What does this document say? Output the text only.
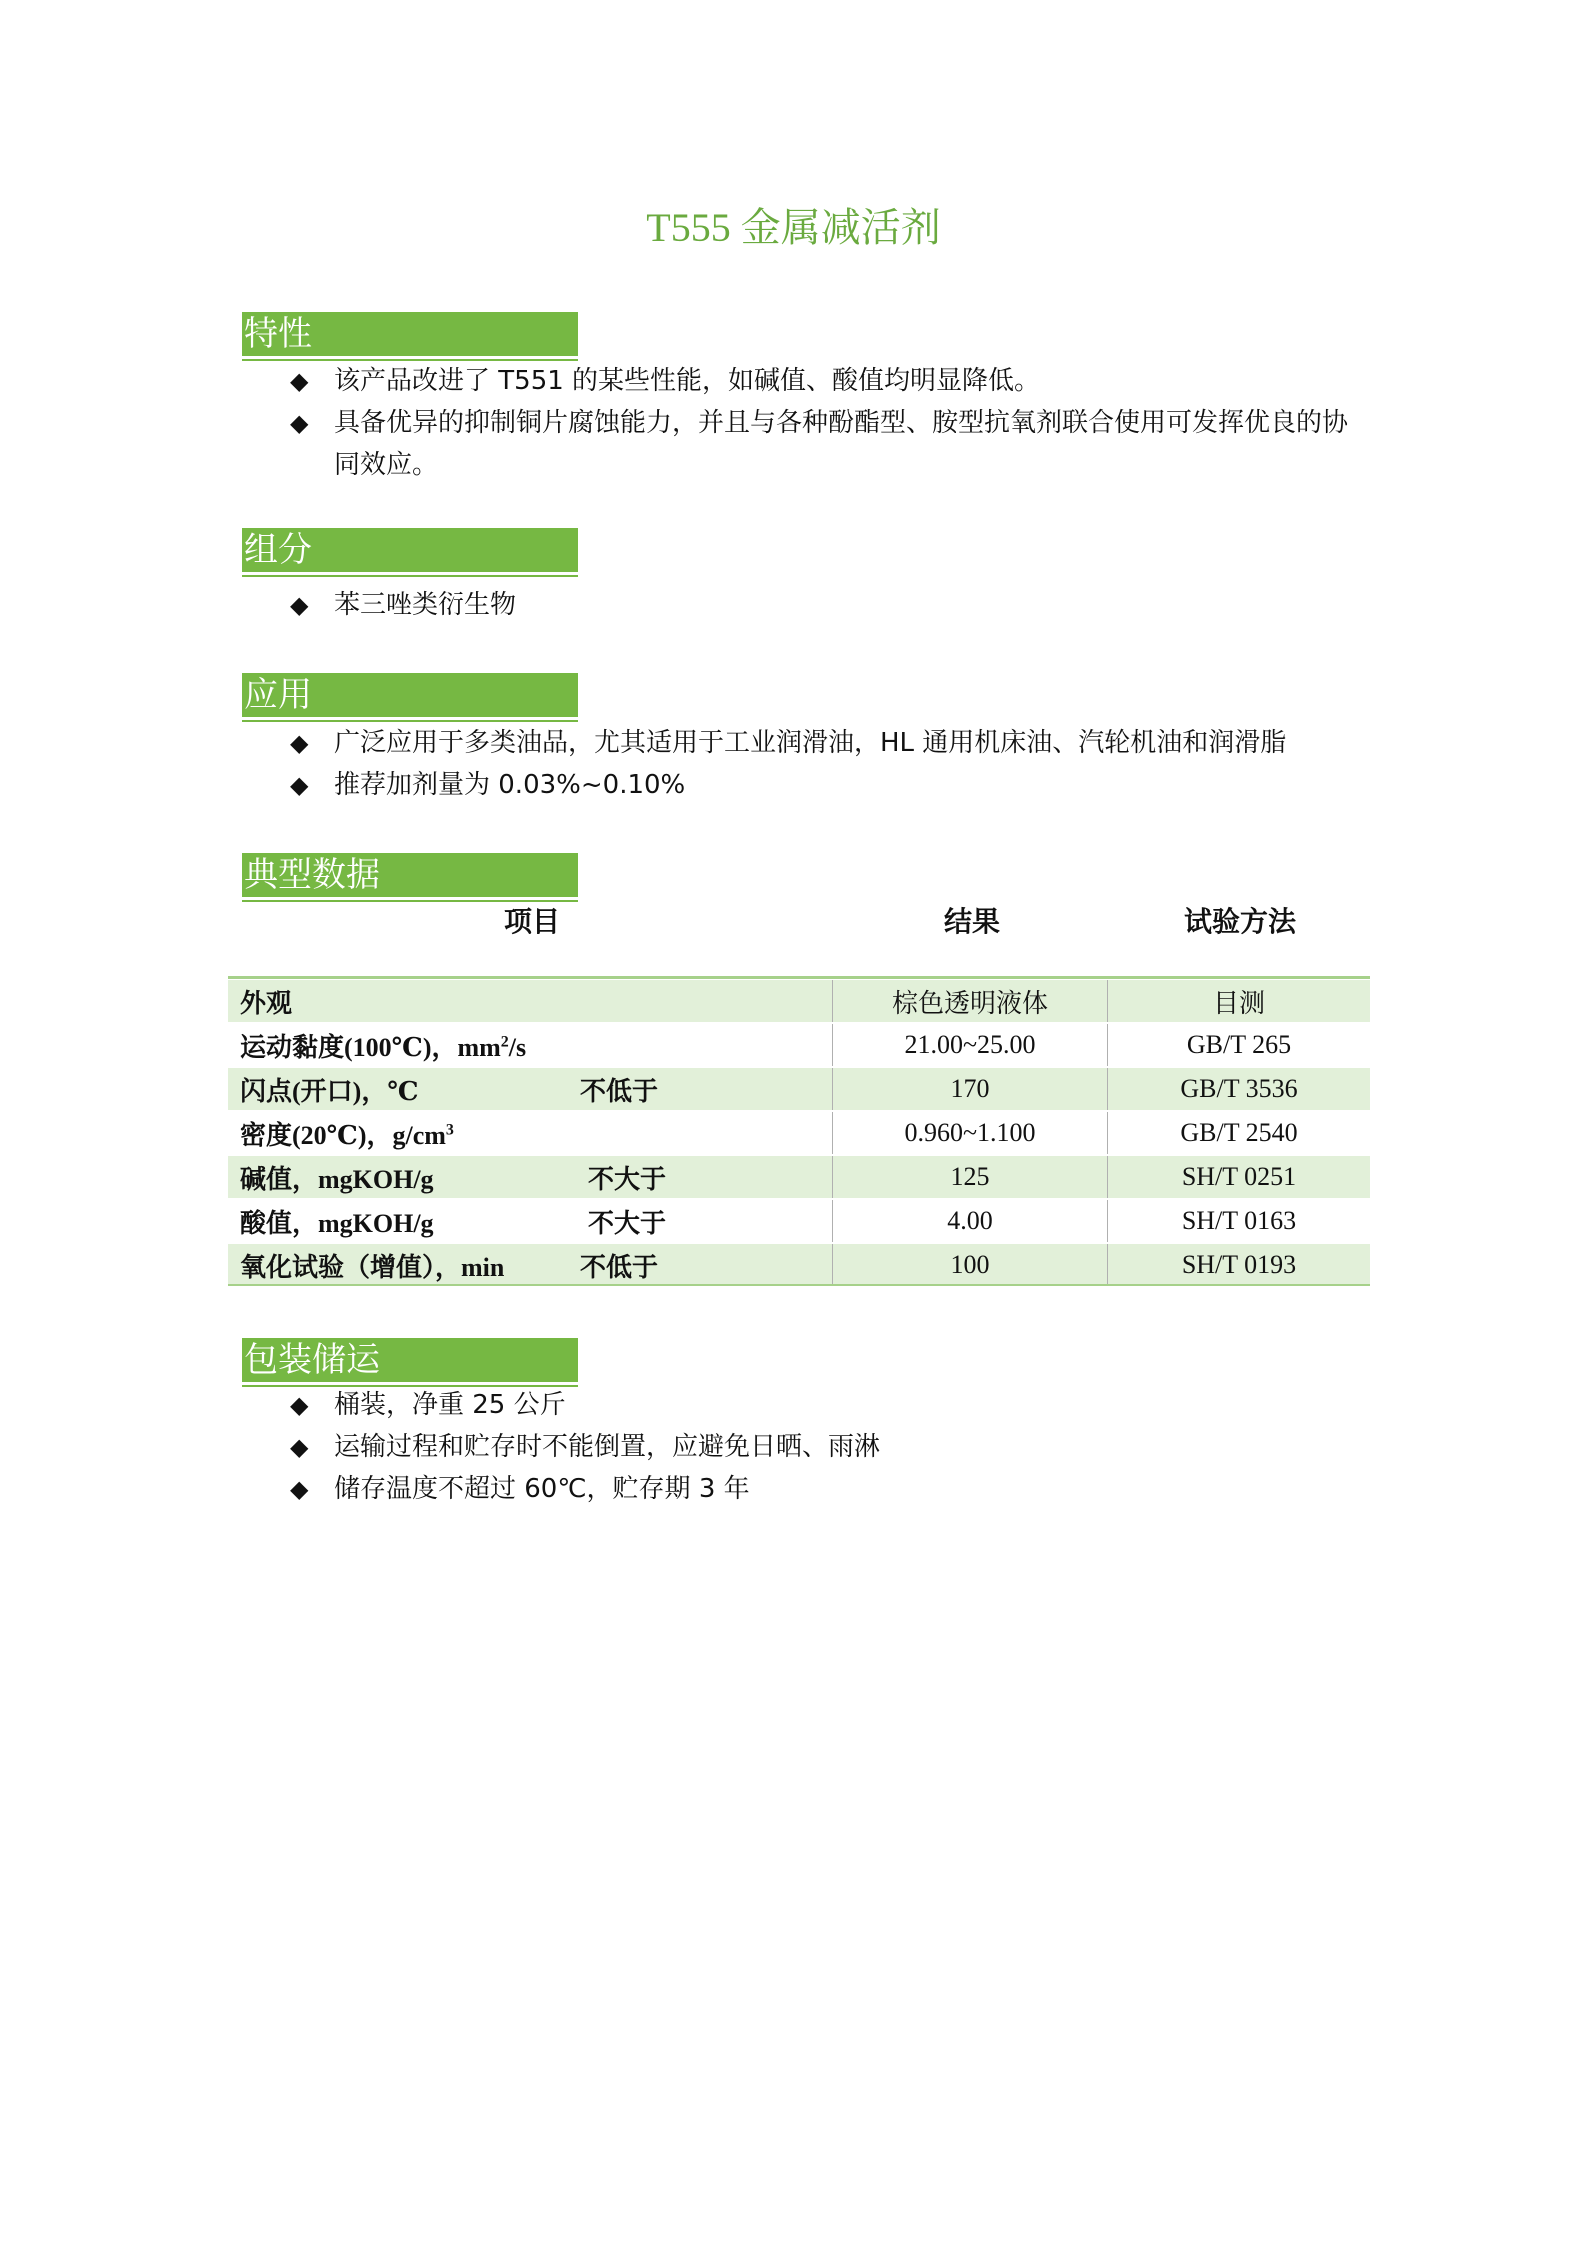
T555 金属减活剂
特性
◆ 该产品改进了 T551 的某些性能，如碱值、酸值均明显降低。
◆ 具备优异的抑制铜片腐蚀能力，并且与各种酚酯型、胺型抗氧剂联合使用可发挥优良的协同效应。
组分
◆ 苯三唑类衍生物
应用
◆ 广泛应用于多类油品，尤其适用于工业润滑油，HL 通用机床油、汽轮机油和润滑脂
◆ 推荐加剂量为 0.03%~0.10%
典型数据
项目	结果	试验方法
外观	棕色透明液体	目测
运动黏度(100℃)，$mm^2/s$	21.00~25.00	GB/T 265
闪点(开口)，℃ 不低于	170	GB/T 3536
密度(20℃)，$g/cm^3$	0.960~1.100	GB/T 2540
碱值，mgKOH/g 不大于	125	SH/T 0251
酸值，mgKOH/g 不大于	4.00	SH/T 0163
氧化试验（增值），min 不低于	100	SH/T 0193
包装储运
◆ 桶装，净重 25 公斤
◆ 运输过程和贮存时不能倒置，应避免日晒、雨淋
◆ 储存温度不超过 60℃，贮存期 3 年
